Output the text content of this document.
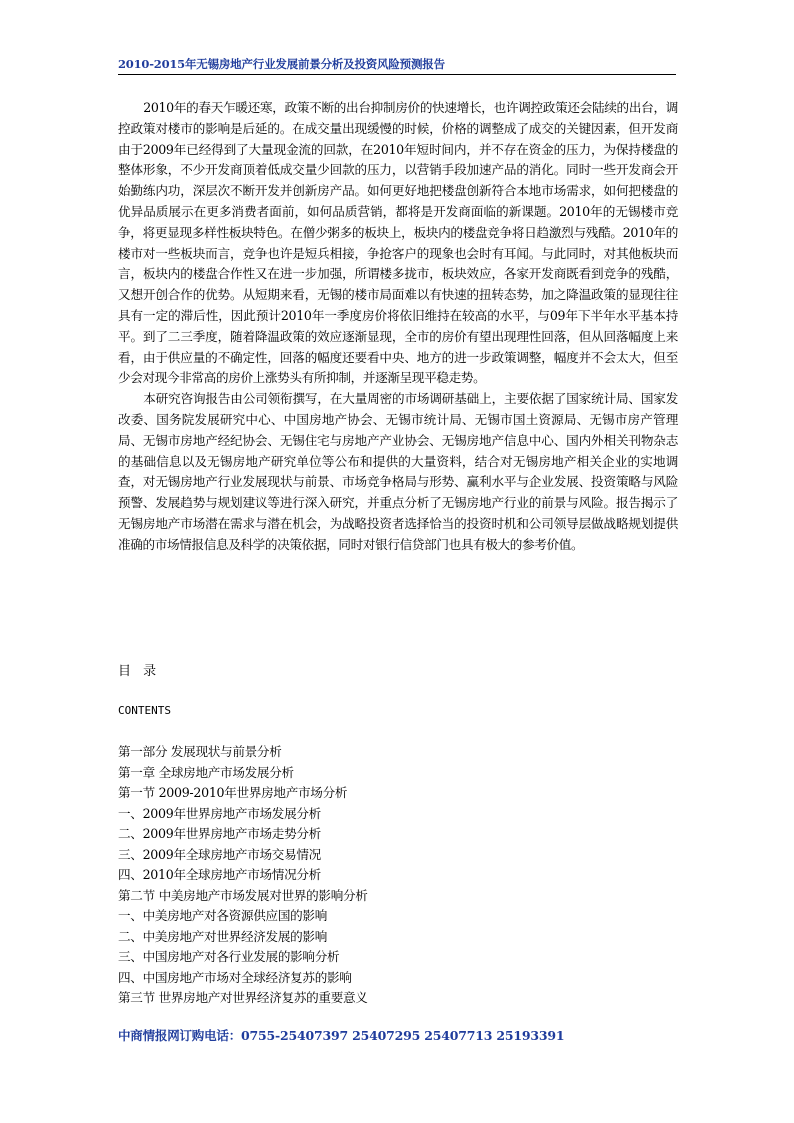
2010-2015年无锡房地产行业发展前景分析及投资风险预测报告

2010年的春天乍暖还寒，政策不断的出台抑制房价的快速增长，也许调控政策还会陆续的出台，调控政策对楼市的影响是后延的。在成交量出现缓慢的时候，价格的调整成了成交的关键因素，但开发商由于2009年已经得到了大量现金流的回款，在2010年短时间内，并不存在资金的压力，为保持楼盘的整体形象，不少开发商顶着低成交量少回款的压力，以营销手段加速产品的消化。同时一些开发商会开始勤练内功，深层次不断开发并创新房产品。如何更好地把楼盘创新符合本地市场需求，如何把楼盘的优异品质展示在更多消费者面前，如何品质营销，都将是开发商面临的新课题。2010年的无锡楼市竞争，将更显现多样性板块特色。在僧少粥多的板块上，板块内的楼盘竞争将日趋激烈与残酷。2010年的楼市对一些板块而言，竞争也许是短兵相接，争抢客户的现象也会时有耳闻。与此同时，对其他板块而言，板块内的楼盘合作性又在进一步加强，所谓楼多拢市，板块效应，各家开发商既看到竞争的残酷，又想开创合作的优势。从短期来看，无锡的楼市局面难以有快速的扭转态势，加之降温政策的显现往往具有一定的滞后性，因此预计2010年一季度房价将依旧维持在较高的水平，与09年下半年水平基本持平。到了二三季度，随着降温政策的效应逐渐显现，全市的房价有望出现理性回落，但从回落幅度上来看，由于供应量的不确定性，回落的幅度还要看中央、地方的进一步政策调整，幅度并不会太大，但至少会对现今非常高的房价上涨势头有所抑制，并逐渐呈现平稳走势。

本研究咨询报告由公司领衔撰写，在大量周密的市场调研基础上，主要依据了国家统计局、国家发改委、国务院发展研究中心、中国房地产协会、无锡市统计局、无锡市国土资源局、无锡市房产管理局、无锡市房地产经纪协会、无锡住宅与房地产产业协会、无锡房地产信息中心、国内外相关刊物杂志的基础信息以及无锡房地产研究单位等公布和提供的大量资料，结合对无锡房地产相关企业的实地调查，对无锡房地产行业发展现状与前景、市场竞争格局与形势、赢利水平与企业发展、投资策略与风险预警、发展趋势与规划建议等进行深入研究，并重点分析了无锡房地产行业的前景与风险。报告揭示了无锡房地产市场潜在需求与潜在机会，为战略投资者选择恰当的投资时机和公司领导层做战略规划提供准确的市场情报信息及科学的决策依据，同时对银行信贷部门也具有极大的参考价值。

目 录
CONTENTS
第一部分 发展现状与前景分析
第一章 全球房地产市场发展分析
第一节 2009-2010年世界房地产市场分析
一、2009年世界房地产市场发展分析
二、2009年世界房地产市场走势分析
三、2009年全球房地产市场交易情况
四、2010年全球房地产市场情况分析
第二节 中美房地产市场发展对世界的影响分析
一、中美房地产对各资源供应国的影响
二、中美房地产对世界经济发展的影响
三、中国房地产对各行业发展的影响分析
四、中国房地产市场对全球经济复苏的影响
第三节 世界房地产对世界经济复苏的重要意义
中商情报网订购电话：0755-25407397 25407295 25407713 25193391
